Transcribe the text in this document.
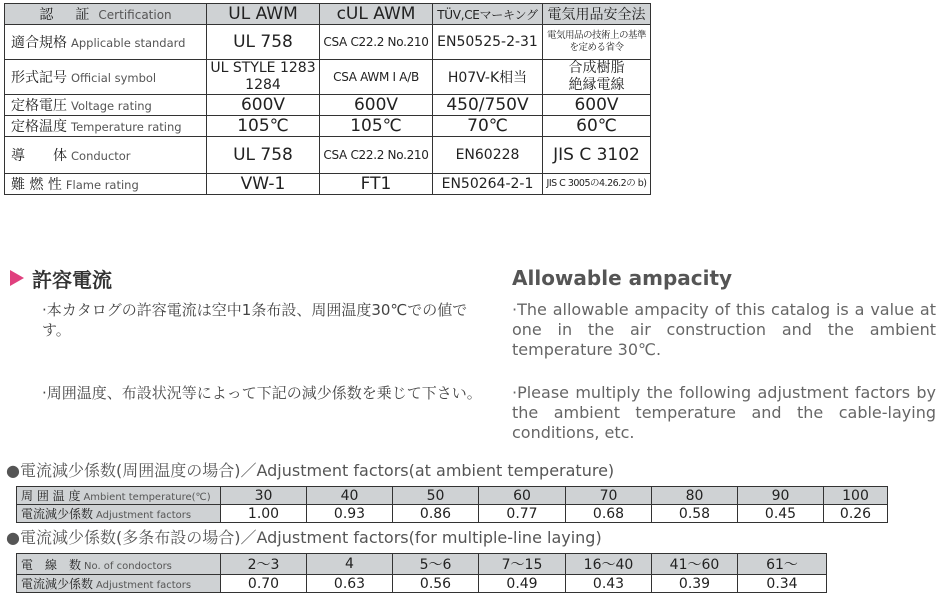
認　証 Certification	UL AWM	cUL AWM	TÜV,CEマーキング	電気用品安全法
適合規格 Applicable standard	UL 758	CSA C22.2 No.210	EN50525-2-31	電気用品の技術上の基準を定める省令
形式記号 Official symbol	UL STYLE 1283 1284	CSA AWM Ⅰ A/B	H07V-K相当	合成樹脂 絶縁電線
定格電圧 Voltage rating	600V	600V	450/750V	600V
定格温度 Temperature rating	105℃	105℃	70℃	60℃
導　　体 Conductor	UL 758	CSA C22.2 No.210	EN60228	JIS C 3102
難 燃 性 Flame rating	VW-1	FT1	EN50264-2-1	JIS C 3005の4.26.2の b)
許容電流	Allowable ampacity
·本カタログの許容電流は空中1条布設、周囲温度30℃での値です。
·周囲温度、布設状況等によって下記の減少係数を乗じて下さい。
·The allowable ampacity of this catalog is a value at one in the air construction and the ambient temperature 30℃.
·Please multiply the following adjustment factors by the ambient temperature and the cable-laying conditions, etc.
●電流減少係数(周囲温度の場合)／Adjustment factors(at ambient temperature)
周 囲 温 度 Ambient temperature(℃)	30	40	50	60	70	80	90	100
電流減少係数 Adjustment factors	1.00	0.93	0.86	0.77	0.68	0.58	0.45	0.26
●電流減少係数(多条布設の場合)／Adjustment factors(for multiple-line laying)
電　線　数 No. of condoctors	2〜3	4	5〜6	7〜15	16〜40	41〜60	61〜
電流減少係数 Adjustment factors	0.70	0.63	0.56	0.49	0.43	0.39	0.34
